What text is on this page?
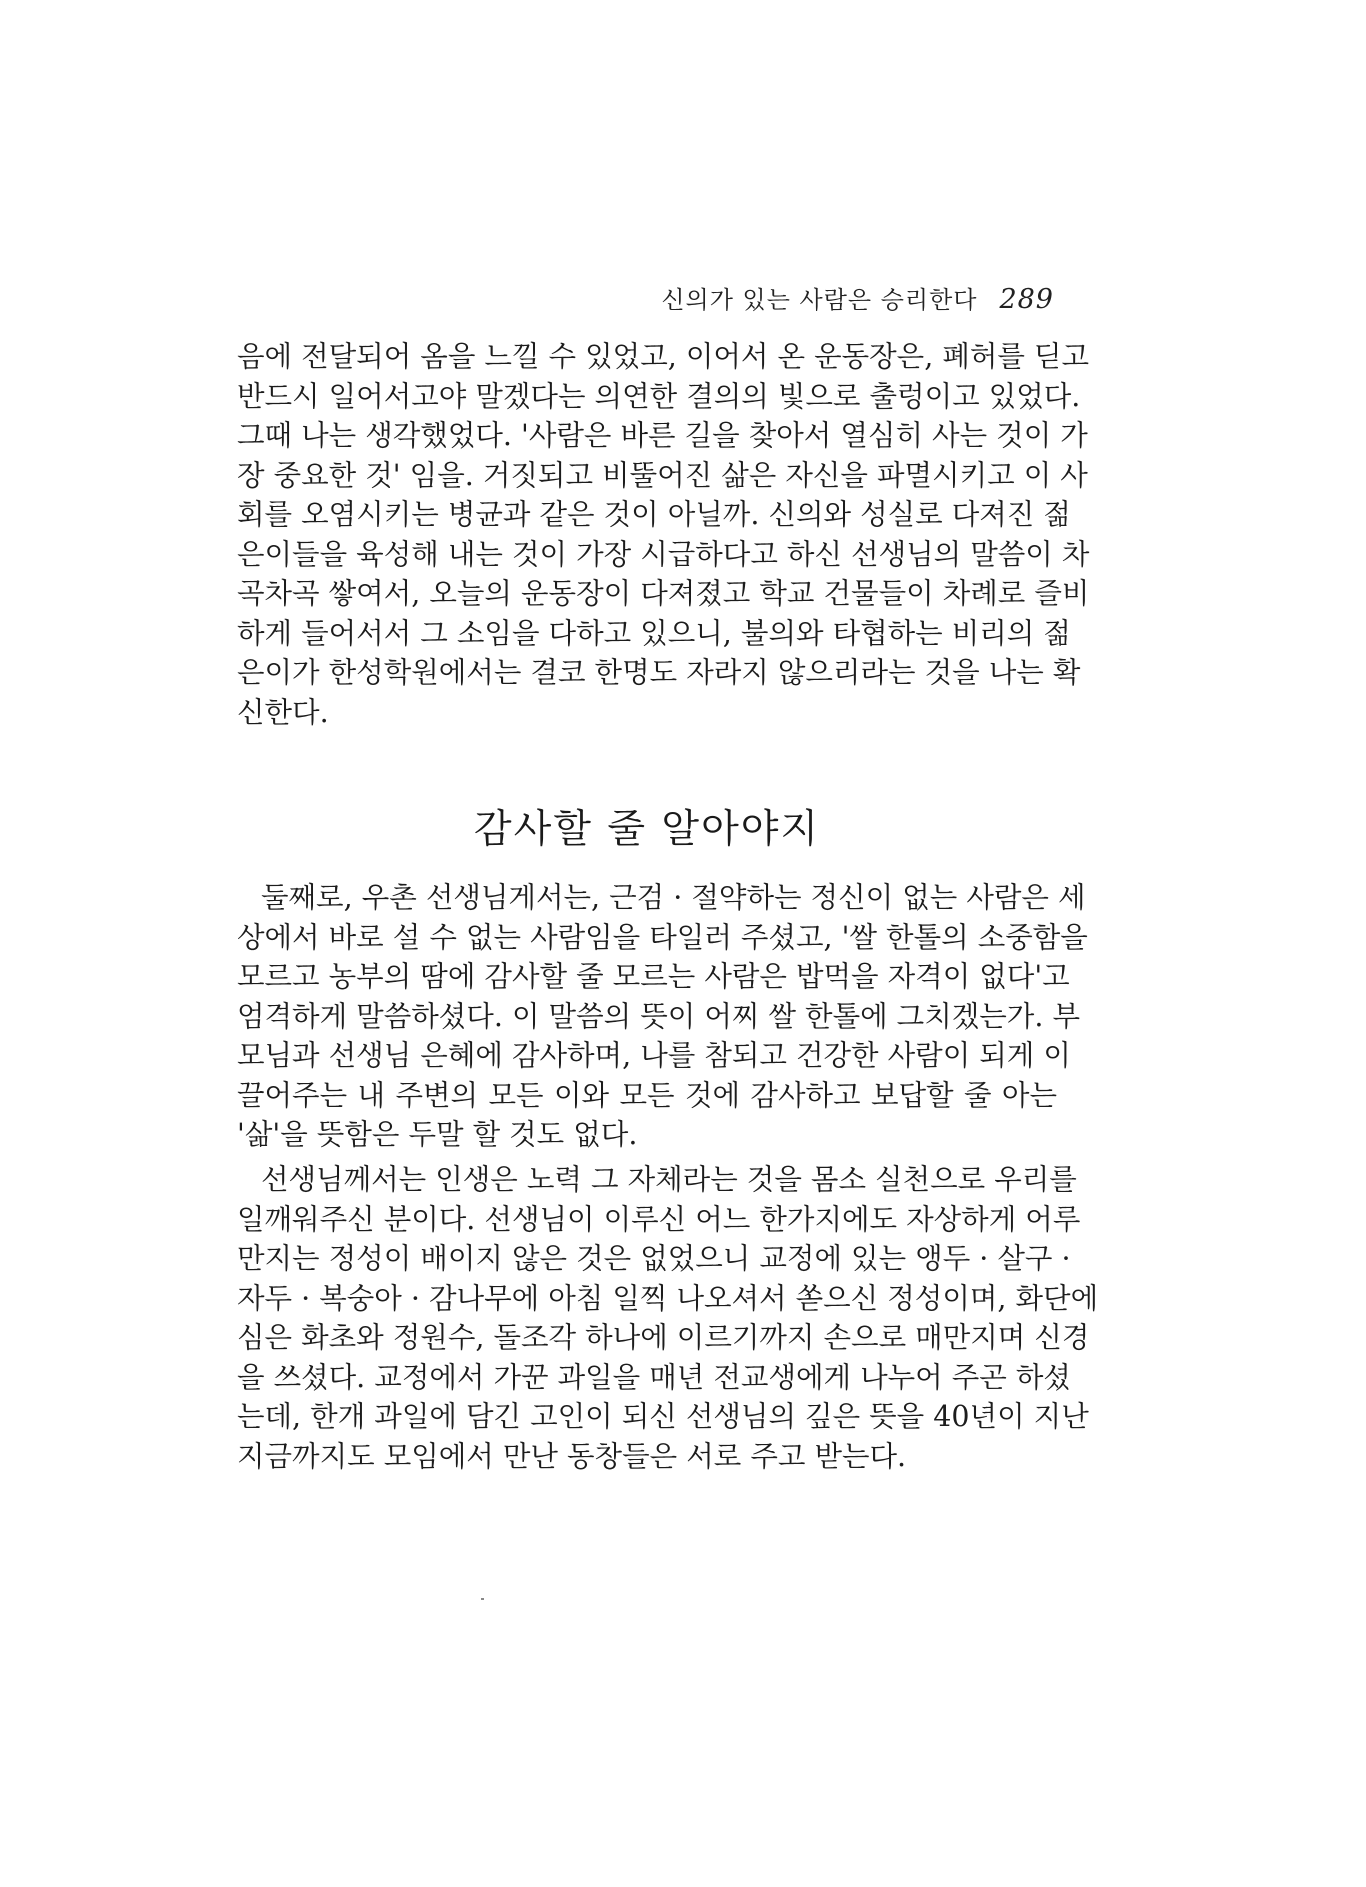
신의가 있는 사람은 승리한다 289
음에 전달되어 옴을 느낄 수 있었고, 이어서 온 운동장은, 폐허를 딛고
반드시 일어서고야 말겠다는 의연한 결의의 빛으로 출렁이고 있었다.
그때 나는 생각했었다. '사람은 바른 길을 찾아서 열심히 사는 것이 가
장 중요한 것' 임을. 거짓되고 비뚤어진 삶은 자신을 파멸시키고 이 사
회를 오염시키는 병균과 같은 것이 아닐까. 신의와 성실로 다져진 젊
은이들을 육성해 내는 것이 가장 시급하다고 하신 선생님의 말씀이 차
곡차곡 쌓여서, 오늘의 운동장이 다져졌고 학교 건물들이 차례로 즐비
하게 들어서서 그 소임을 다하고 있으니, 불의와 타협하는 비리의 젊
은이가 한성학원에서는 결코 한명도 자라지 않으리라는 것을 나는 확
신한다.
감사할 줄 알아야지
둘째로, 우촌 선생님게서는, 근검 · 절약하는 정신이 없는 사람은 세
상에서 바로 설 수 없는 사람임을 타일러 주셨고, '쌀 한톨의 소중함을
모르고 농부의 땀에 감사할 줄 모르는 사람은 밥먹을 자격이 없다'고
엄격하게 말씀하셨다. 이 말씀의 뜻이 어찌 쌀 한톨에 그치겠는가. 부
모님과 선생님 은혜에 감사하며, 나를 참되고 건강한 사람이 되게 이
끌어주는 내 주변의 모든 이와 모든 것에 감사하고 보답할 줄 아는
'삶'을 뜻함은 두말 할 것도 없다.
선생님께서는 인생은 노력 그 자체라는 것을 몸소 실천으로 우리를
일깨워주신 분이다. 선생님이 이루신 어느 한가지에도 자상하게 어루
만지는 정성이 배이지 않은 것은 없었으니 교정에 있는 앵두 · 살구 ·
자두 · 복숭아 · 감나무에 아침 일찍 나오셔서 쏟으신 정성이며, 화단에
심은 화초와 정원수, 돌조각 하나에 이르기까지 손으로 매만지며 신경
을 쓰셨다. 교정에서 가꾼 과일을 매년 전교생에게 나누어 주곤 하셨
는데, 한개 과일에 담긴 고인이 되신 선생님의 깊은 뜻을 40년이 지난
지금까지도 모임에서 만난 동창들은 서로 주고 받는다.
